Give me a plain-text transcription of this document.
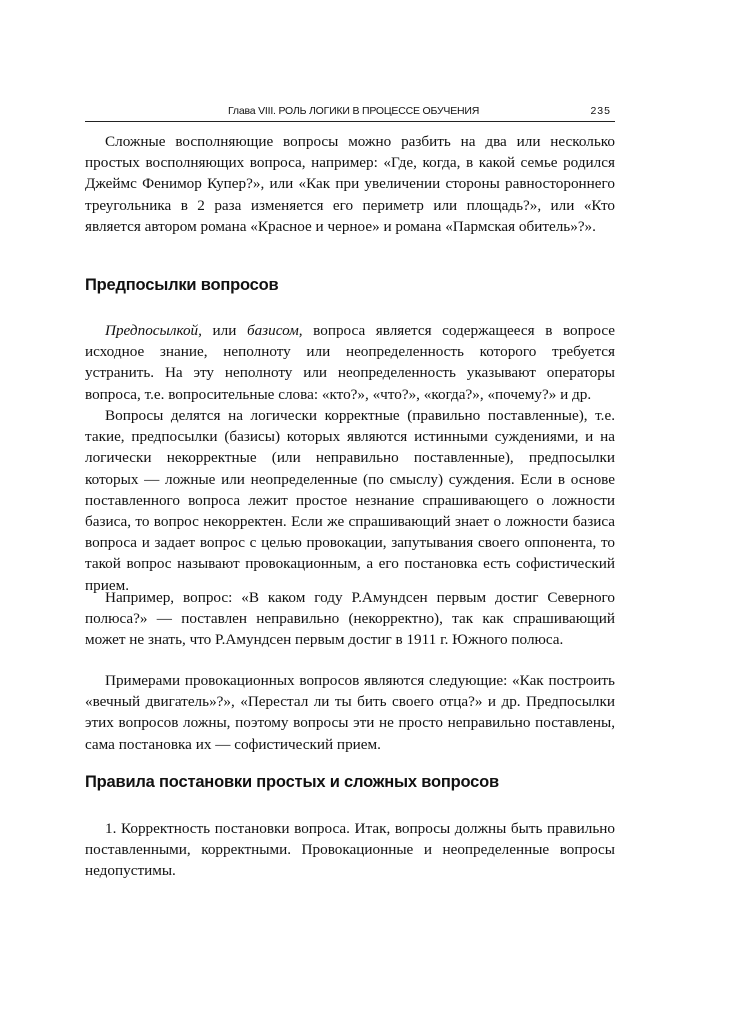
Глава VIII. РОЛЬ ЛОГИКИ В ПРОЦЕССЕ ОБУЧЕНИЯ	235

Сложные восполняющие вопросы можно разбить на два или несколько простых восполняющих вопроса, например: «Где, когда, в какой семье родился Джеймс Фенимор Купер?», или «Как при увеличении стороны равностороннего треугольника в 2 раза изменяется его периметр или площадь?», или «Кто является автором романа «Красное и черное» и романа «Пармская обитель»?».

Предпосылки вопросов

Предпосылкой, или базисом, вопроса является содержащееся в вопросе исходное знание, неполноту или неопределенность которого требуется устранить. На эту неполноту или неопределенность указывают операторы вопроса, т.е. вопросительные слова: «кто?», «что?», «когда?», «почему?» и др.

Вопросы делятся на логически корректные (правильно поставленные), т.е. такие, предпосылки (базисы) которых являются истинными суждениями, и на логически некорректные (или неправильно поставленные), предпосылки которых — ложные или неопределенные (по смыслу) суждения. Если в основе поставленного вопроса лежит простое незнание спрашивающего о ложности базиса, то вопрос некорректен. Если же спрашивающий знает о ложности базиса вопроса и задает вопрос с целью провокации, запутывания своего оппонента, то такой вопрос называют провокационным, а его постановка есть софистический прием.

Например, вопрос: «В каком году Р.Амундсен первым достиг Северного полюса?» — поставлен неправильно (некорректно), так как спрашивающий может не знать, что Р.Амундсен первым достиг в 1911 г. Южного полюса.

Примерами провокационных вопросов являются следующие: «Как построить «вечный двигатель»?», «Перестал ли ты бить своего отца?» и др. Предпосылки этих вопросов ложны, поэтому вопросы эти не просто неправильно поставлены, сама постановка их — софистический прием.

Правила постановки простых и сложных вопросов

1. Корректность постановки вопроса. Итак, вопросы должны быть правильно поставленными, корректными. Провокационные и неопределенные вопросы недопустимы.
